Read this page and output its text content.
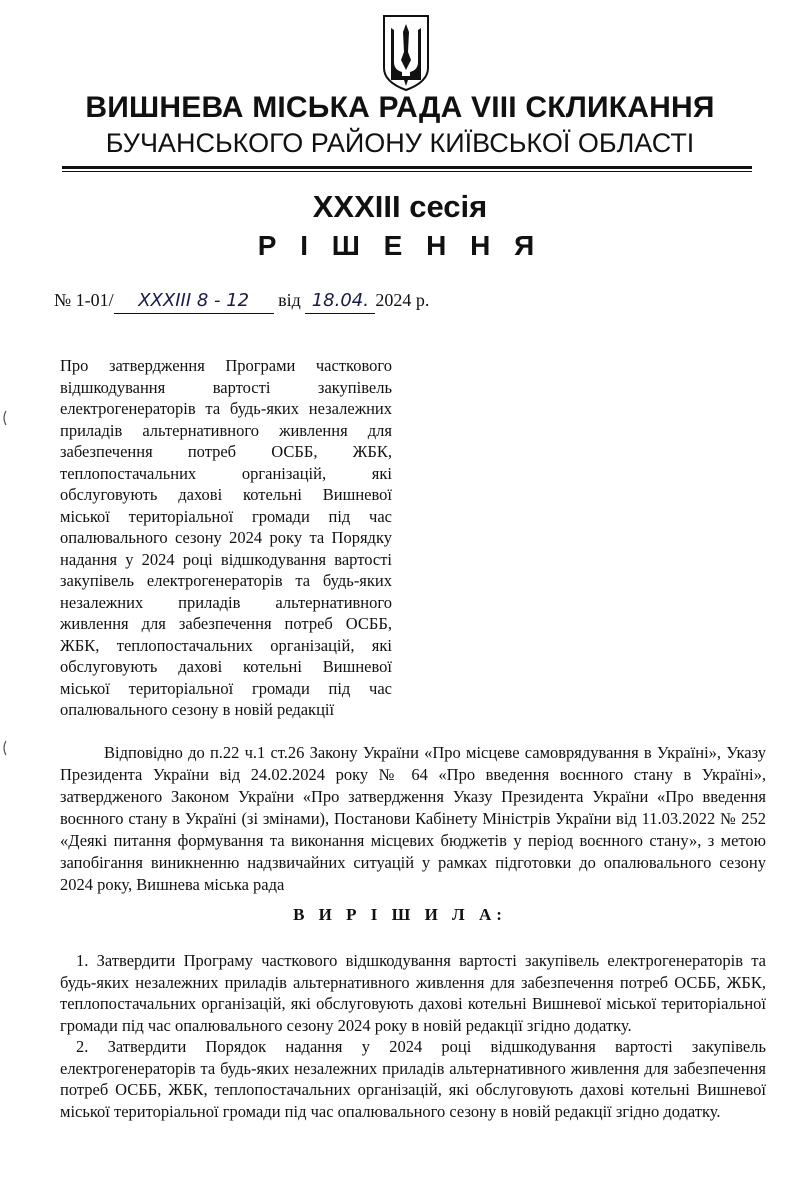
ВИШНЕВА МІСЬКА РАДА VIII СКЛИКАННЯ
БУЧАНСЬКОГО РАЙОНУ КИЇВСЬКОЇ ОБЛАСТІ
XXXIII сесія
Р І Ш Е Н Н Я
№ 1-01/ XXXIII 8 - 12 від 18.04. 2024 р.
Про затвердження Програми часткового відшкодування вартості закупівель електрогенераторів та будь-яких незалежних приладів альтернативного живлення для забезпечення потреб ОСББ, ЖБК, теплопостачальних організацій, які обслуговують дахові котельні Вишневої міської територіальної громади під час опалювального сезону 2024 року та Порядку надання у 2024 році відшкодування вартості закупівель електрогенераторів та будь-яких незалежних приладів альтернативного живлення для забезпечення потреб ОСББ, ЖБК, теплопостачальних організацій, які обслуговують дахові котельні Вишневої міської територіальної громади під час опалювального сезону в новій редакції
Відповідно до п.22 ч.1 ст.26 Закону України «Про місцеве самоврядування в Україні», Указу Президента України від 24.02.2024 року № 64 «Про введення воєнного стану в Україні», затвердженого Законом України «Про затвердження Указу Президента України «Про введення воєнного стану в Україні (зі змінами), Постанови Кабінету Міністрів України від 11.03.2022 № 252 «Деякі питання формування та виконання місцевих бюджетів у період воєнного стану», з метою запобігання виникненню надзвичайних ситуацій у рамках підготовки до опалювального сезону 2024 року, Вишнева міська рада
В И Р І Ш И Л А:

1. Затвердити Програму часткового відшкодування вартості закупівель електрогенераторів та будь-яких незалежних приладів альтернативного живлення для забезпечення потреб ОСББ, ЖБК, теплопостачальних організацій, які обслуговують дахові котельні Вишневої міської територіальної громади під час опалювального сезону 2024 року в новій редакції згідно додатку.

2. Затвердити Порядок надання у 2024 році відшкодування вартості закупівель електрогенераторів та будь-яких незалежних приладів альтернативного живлення для забезпечення потреб ОСББ, ЖБК, теплопостачальних організацій, які обслуговують дахові котельні Вишневої міської територіальної громади під час опалювального сезону в новій редакції згідно додатку.
